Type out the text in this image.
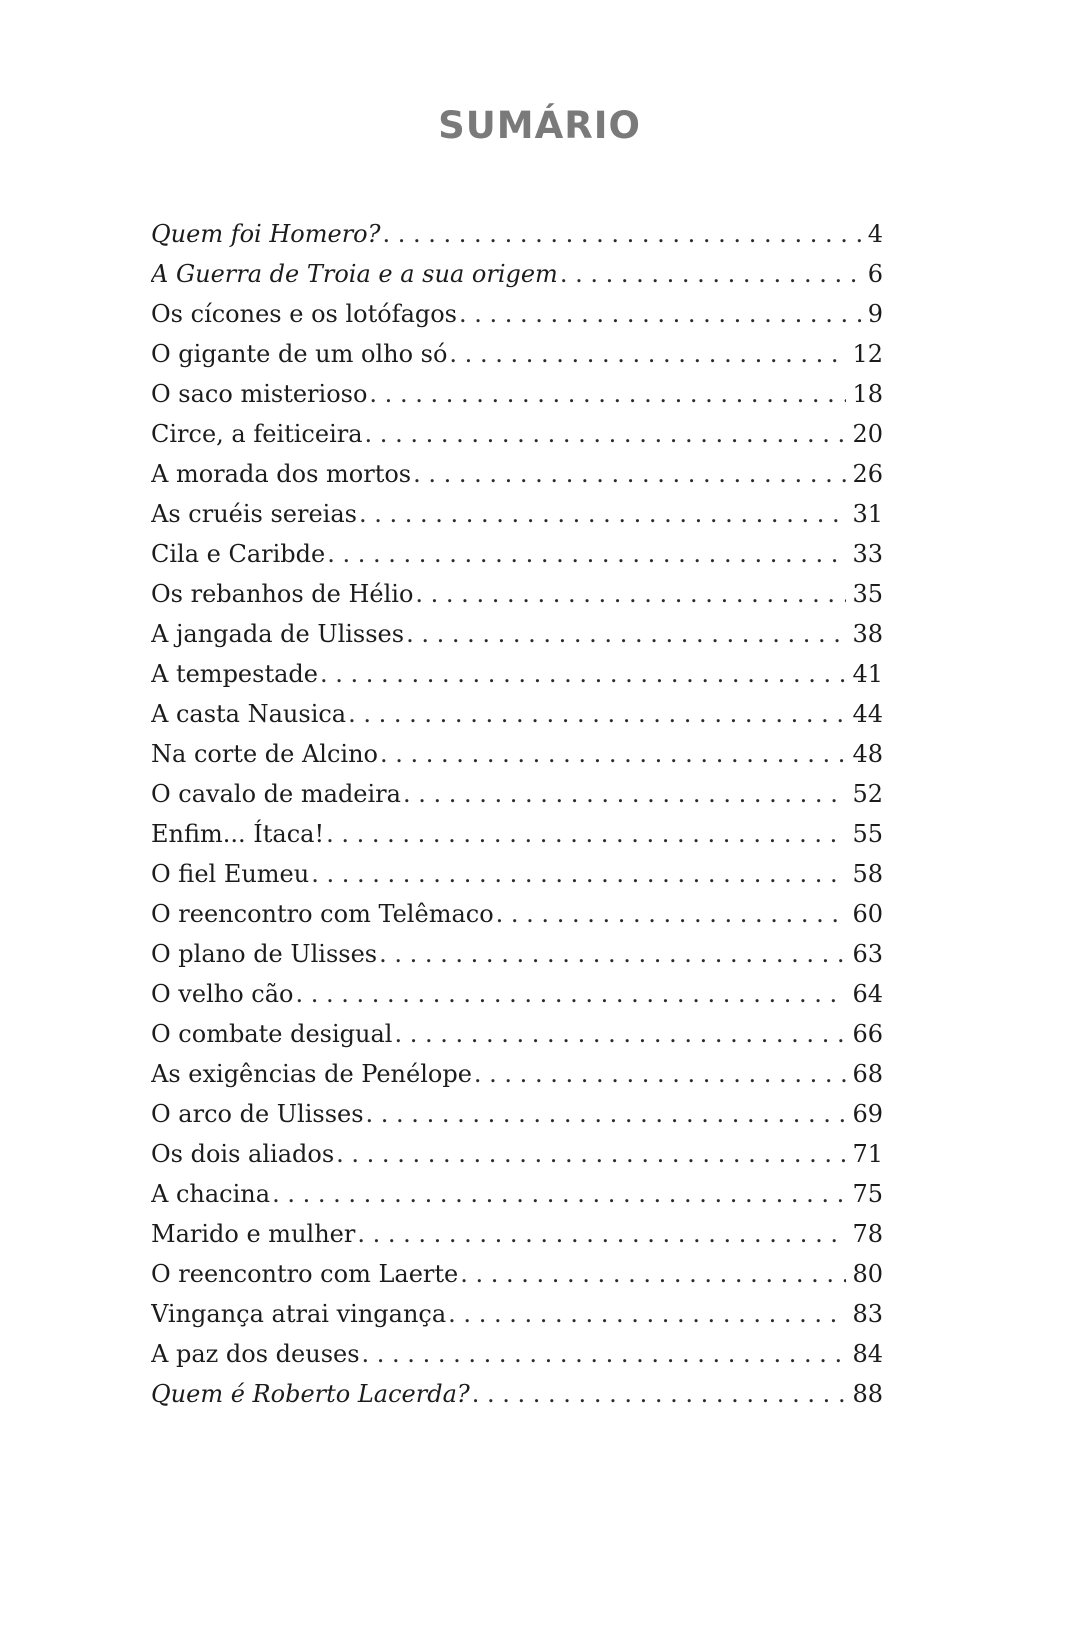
SUMÁRIO
Quem foi Homero? . . .	4
A Guerra de Troia e a sua origem . . .	6
Os cícones e os lotófagos . . .	9
O gigante de um olho só . . .	12
O saco misterioso . . .	18
Circe, a feiticeira . . .	20
A morada dos mortos . . .	26
As cruéis sereias . . .	31
Cila e Caribde . . .	33
Os rebanhos de Hélio . . .	35
A jangada de Ulisses . . .	38
A tempestade . . .	41
A casta Nausica . . .	44
Na corte de Alcino . . .	48
O cavalo de madeira . . .	52
Enfim... Ítaca! . . .	55
O fiel Eumeu . . .	58
O reencontro com Telêmaco . . .	60
O plano de Ulisses . . .	63
O velho cão . . .	64
O combate desigual . . .	66
As exigências de Penélope . . .	68
O arco de Ulisses . . .	69
Os dois aliados . . .	71
A chacina . . .	75
Marido e mulher . . .	78
O reencontro com Laerte . . .	80
Vingança atrai vingança . . .	83
A paz dos deuses . . .	84
Quem é Roberto Lacerda? . . .	88
